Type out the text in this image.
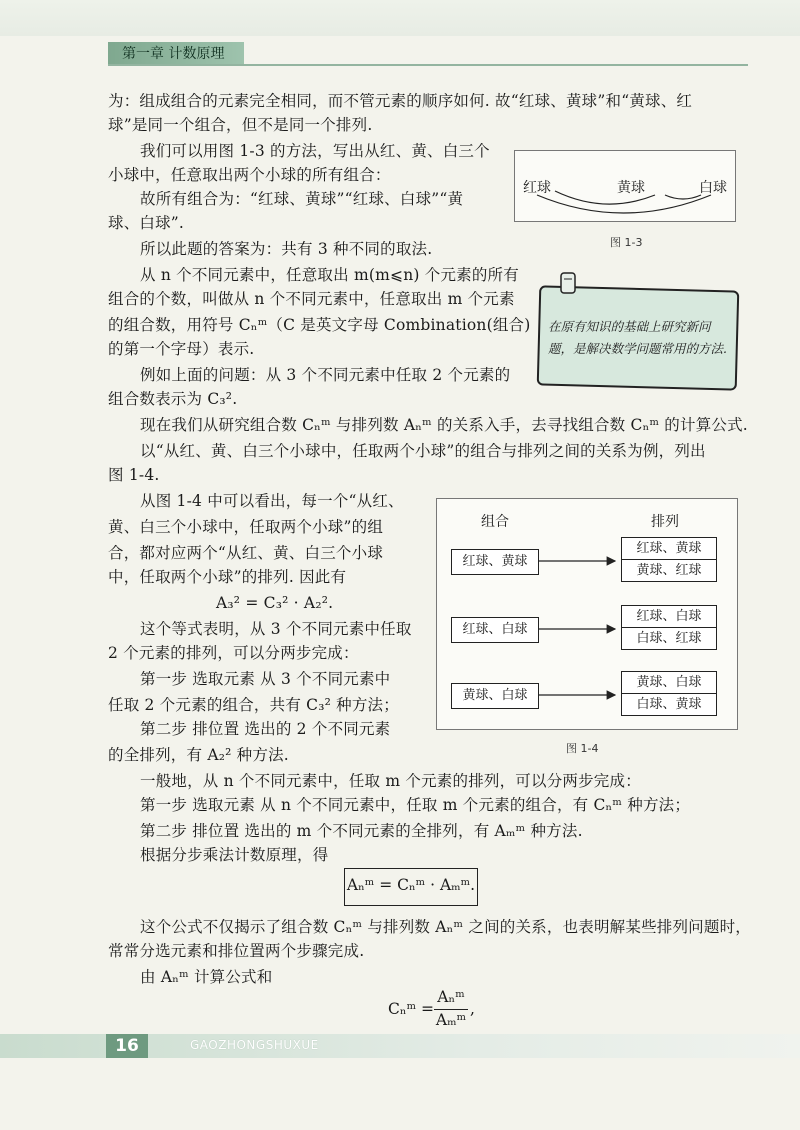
第一章 计数原理
为：组成组合的元素完全相同，而不管元素的顺序如何. 故“红球、黄球”和“黄球、红
球”是同一个组合，但不是同一个排列.
我们可以用图 1-3 的方法，写出从红、黄、白三个
小球中，任意取出两个小球的所有组合：
故所有组合为：“红球、黄球”“红球、白球”“黄
球、白球”.
所以此题的答案为：共有 3 种不同的取法.
从 n 个不同元素中，任意取出 m(m⩽n) 个元素的所有
组合的个数，叫做从 n 个不同元素中，任意取出 m 个元素
的组合数，用符号 Cₙᵐ（C 是英文字母 Combination(组合)
的第一个字母）表示.
例如上面的问题：从 3 个不同元素中任取 2 个元素的
组合数表示为 C₃².
红球	黄球	白球
图 1-3
在原有知识的基础上研究新问题，是解决数学问题常用的方法.
现在我们从研究组合数 Cₙᵐ 与排列数 Aₙᵐ 的关系入手，去寻找组合数 Cₙᵐ 的计算公式.
以“从红、黄、白三个小球中，任取两个小球”的组合与排列之间的关系为例，列出
图 1-4.
从图 1-4 中可以看出，每一个“从红、
黄、白三个小球中，任取两个小球”的组
合，都对应两个“从红、黄、白三个小球
中，任取两个小球”的排列. 因此有
A₃² = C₃² · A₂².
这个等式表明，从 3 个不同元素中任取
2 个元素的排列，可以分两步完成：
第一步 选取元素 从 3 个不同元素中
任取 2 个元素的组合，共有 C₃² 种方法；
第二步 排位置 选出的 2 个不同元素
的全排列，有 A₂² 种方法.
组合	排列
红球、黄球
红球、黄球
黄球、红球
红球、白球
红球、白球
白球、红球
黄球、白球
黄球、白球
白球、黄球
图 1-4
一般地，从 n 个不同元素中，任取 m 个元素的排列，可以分两步完成：
第一步 选取元素 从 n 个不同元素中，任取 m 个元素的组合，有 Cₙᵐ 种方法；
第二步 排位置 选出的 m 个不同元素的全排列，有 Aₘᵐ 种方法.
根据分步乘法计数原理，得
Aₙᵐ = Cₙᵐ · Aₘᵐ.
这个公式不仅揭示了组合数 Cₙᵐ 与排列数 Aₙᵐ 之间的关系，也表明解某些排列问题时，
常常分选元素和排位置两个步骤完成.
由 Aₙᵐ 计算公式和
Cₙᵐ =
Aₙᵐ
Aₘᵐ
,
16	GAOZHONGSHUXUE
